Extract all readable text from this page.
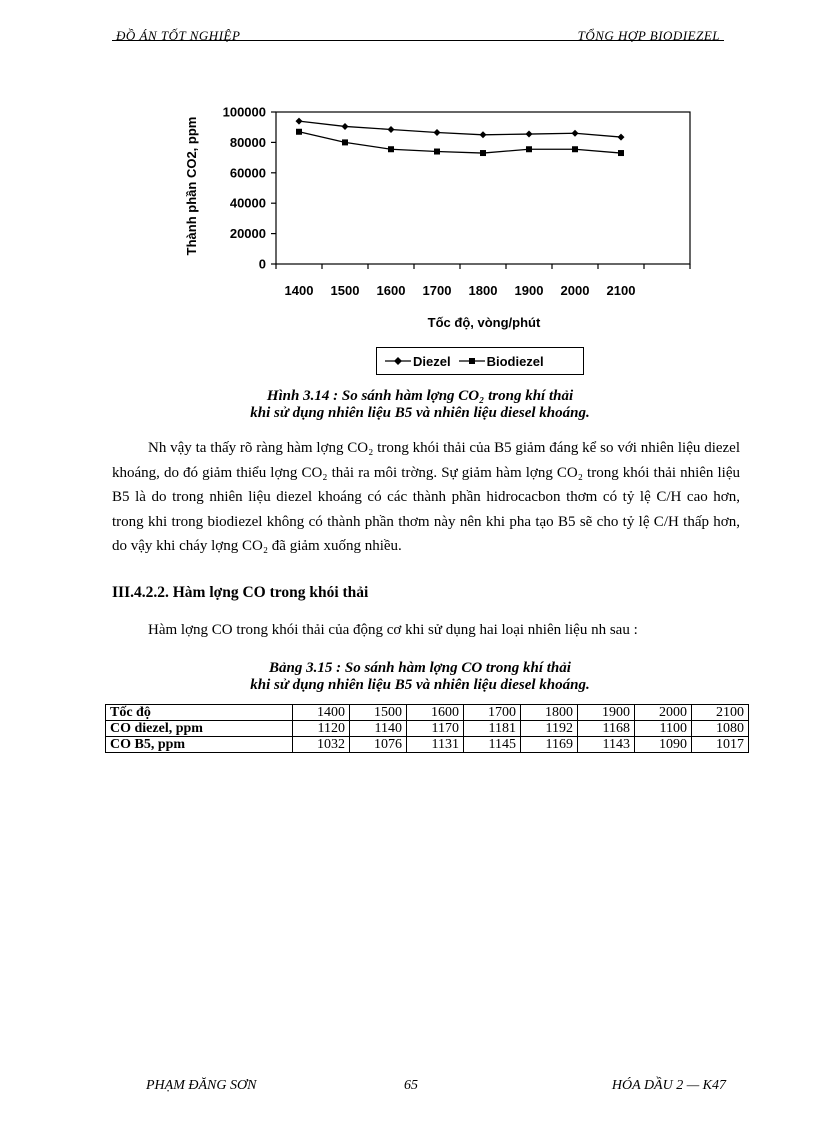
ĐỒ ÁN TỐT NGHIỆP	TỔNG HỢP BIODIEZEL
Thành phần CO2, ppm
Tốc độ, vòng/phút
0
20000
40000
60000
80000
100000
1400 1500 1600 1700 1800 1900 2000 2100
Diezel	Biodiezel
Hình 3.14 : So sánh hàm lợng CO₂ trong khí thải
khi sử dụng nhiên liệu B5 và nhiên liệu diesel khoáng.
Nh vậy ta thấy rõ ràng hàm lợng CO₂ trong khói thải của B5 giảm đáng kể so với nhiên liệu diezel khoáng, do đó giảm thiểu lợng CO₂ thải ra môi trờng. Sự giảm hàm lợng CO₂ trong khói thải nhiên liệu B5 là do trong nhiên liệu diezel khoáng có các thành phần hidrocacbon thơm có tỷ lệ C/H cao hơn, trong khi trong biodiezel không có thành phần thơm này nên khi pha tạo B5 sẽ cho tỷ lệ C/H thấp hơn, do vậy khi cháy lợng CO₂ đã giảm xuống nhiều.
III.4.2.2. Hàm lợng CO trong khói thải
Hàm lợng CO trong khói thải của động cơ khi sử dụng hai loại nhiên liệu nh sau :
Bảng 3.15 : So sánh hàm lợng CO trong khí thải
khi sử dụng nhiên liệu B5 và nhiên liệu diesel khoáng.
Tốc độ	1400	1500	1600	1700	1800	1900	2000	2100
CO diezel, ppm	1120	1140	1170	1181	1192	1168	1100	1080
CO B5, ppm	1032	1076	1131	1145	1169	1143	1090	1017
PHẠM ĐĂNG SƠN	65	HÓA DẦU 2 — K47
